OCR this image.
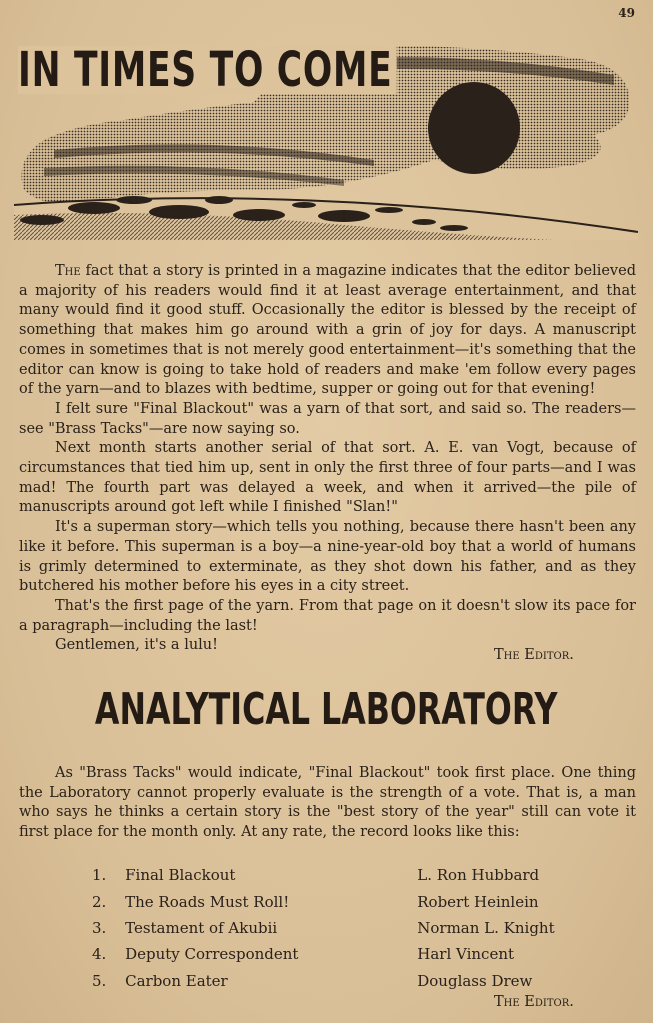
49
IN TIMES TO COME

The fact that a story is printed in a magazine indicates that the editor believed a majority of his readers would find it at least average entertainment, and that many would find it good stuff. Occasionally the editor is blessed by the receipt of something that makes him go around with a grin of joy for days. A manuscript comes in sometimes that is not merely good entertainment—it's something that the editor can know is going to take hold of readers and make 'em follow every pages of the yarn—and to blazes with bedtime, supper or going out for that evening!

I felt sure "Final Blackout" was a yarn of that sort, and said so. The readers—see "Brass Tacks"—are now saying so.

Next month starts another serial of that sort. A. E. van Vogt, because of circumstances that tied him up, sent in only the first three of four parts—and I was mad! The fourth part was delayed a week, and when it arrived—the pile of manuscripts around got left while I finished "Slan!"

It's a superman story—which tells you nothing, because there hasn't been any like it before. This superman is a boy—a nine-year-old boy that a world of humans is grimly determined to exterminate, as they shot down his father, and as they butchered his mother before his eyes in a city street.

That's the first page of the yarn. From that page on it doesn't slow its pace for a paragraph—including the last!

Gentlemen, it's a lulu!

The Editor.
ANALYTICAL LABORATORY

As "Brass Tacks" would indicate, "Final Blackout" took first place. One thing the Laboratory cannot properly evaluate is the strength of a vote. That is, a man who says he thinks a certain story is the "best story of the year" still can vote it first place for the month only. At any rate, the record looks like this:

1.	Final Blackout	L. Ron Hubbard
2.	The Roads Must Roll!	Robert Heinlein
3.	Testament of Akubii	Norman L. Knight
4.	Deputy Correspondent	Harl Vincent
5.	Carbon Eater	Douglass Drew
The Editor.
